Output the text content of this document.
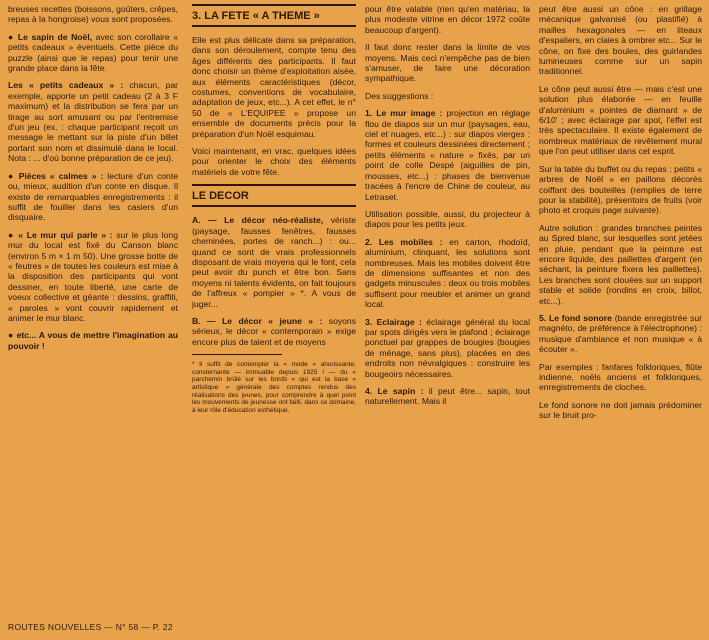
breuses recettes (boissons, goûters, crêpes, repas à la hongroise) vous sont proposées.

● Le sapin de Noël, avec son corollaire « petits cadeaux » éventuels. Cette pièce du puzzle (ainsi que le repas) pour tenir une grande place dans la fête.

Les « petits cadeaux » : chacun, par exemple, apporte un petit cadeau (2 à 3 F maximum) et la distribution se fera par un tirage au sort amusant ou par l'entremise d'un jeu (ex. : chaque participant reçoit un message le mettant sur la piste d'un billet portant son nom et dissimulé dans le local. Nota : ... d'où bonne préparation de ce jeu).

● Pièces « calmes » : lecture d'un conte ou, mieux, audition d'un conte en disque. Il existe de remarquables enregistrements : il suffit de fouiller dans les casiers d'un disquaire.

● « Le mur qui parle » : sur le plus long mur du local est fixé du Canson blanc (environ 5 m × 1 m 50). Une grosse botte de « feutres » de toutes les couleurs est mise à la disposition des participants qui vont dessiner, en toute liberté, une carte de voeux collective et géante : dessins, graffiti, « paroles » vont couvrir rapidement et animer le mur blanc.

● etc... A vous de mettre l'imagination au pouvoir !

3. LA FETE « A THEME »

Elle est plus délicate dans sa préparation, dans son déroulement, compte tenu des âges différents des participants. Il faut donc choisir un thème d'exploitation aisée, aux éléments caractéristiques (décor, costumes, conventions de vocabulaire, adaptation de jeux, etc...). A cet effet, le n° 50 de « L'EQUIPEE » propose un ensemble de documents précis pour la préparation d'un Noël esquimau.

Voici maintenant, en vrac, quelques idées pour orienter le choix des éléments matériels de votre fête.

LE DECOR

A. — Le décor néo-réaliste, vériste (paysage, fausses fenêtres, fausses cheminées, portes de ranch...) : ou... quand ce sont de vrais professionnels disposant de vrais moyens qui le font, cela peut avoir du punch et être bon. Sans moyens ni talents évidents, on fait toujours de l'affreux « pompier » *. A vous de juger...

B. — Le décor « jeune » : soyons sérieux, le décor « contemporain » exige encore plus de talent et de moyens

* Il suffit de contempler la « mode » ahurissante, consternante — immuable depuis 1925 ! — du « parchemin brûlé sur les bords » qui est la base « artistique » générale des comptes rendus des réalisations des jeunes, pour comprendre à quel point les mouvements de jeunesse ont failli, dans ce domaine, à leur rôle d'éducation esthétique.

pour être valable (rien qu'en matériau, la plus modeste vitrine en décor 1972 coûte beaucoup d'argent).

Il faut donc rester dans la limite de vos moyens. Mais ceci n'empêche pas de bien s'amuser, de faire une décoration sympathique.

Des suggestions :

1. Le mur image : projection en réglage flou de diapos sur un mur (paysages, eau, ciel et nuages, etc...) : sur diapos vierges : formes et couleurs dessinées directement ; petits éléments « nature » fixés, par un point de colle Despé (aiguilles de pin, mousses, etc...) : phases de bienvenue tracées à l'encre de Chine de couleur, au Letraset.

Utilisation possible, aussi, du projecteur à diapos pour les petits jeux.

2. Les mobiles : en carton, rhodoïd, aluminium, clinquant, les solutions sont nombreuses. Mais les mobiles doivent être de dimensions suffisantes et non des gadgets minuscules : deux ou trois mobiles suffisent pour meubler et animer un grand local.

3. Eclairage : éclairage général du local par spots dirigés vers le plafond ; éclairage ponctuel par grappes de bougies (bougies de ménage, sans plus), placées en des endroits non névralgiques : construire les bougeoirs nécessaires.

4. Le sapin : il peut être... sapin, tout naturellement. Mais il

peut être aussi un cône : en grillage mécanique galvanisé (ou plastifié) à mailles hexagonales — en liteaux d'espaliers, en claies à ombrer etc... Sur le cône, on fixe des boules, des guirlandes lumineuses comme sur un sapin traditionnel.

Le cône peut aussi être — mais c'est une solution plus élaborée — en feuille d'aluminium « pointes de diamant » de 6/10' ; avec éclairage par spot, l'effet est très spectaculaire. Il existe également de nombreux matériaux de revêtement mural que l'on peut utiliser dans cet esprit.

Sur la table du buffet ou du repas : petits « arbres de Noël » en paillons décorés coiffant des bouteilles (remplies de terre pour la stabilité), présentoirs de fruits (voir photo et croquis page suivante).

Autre solution : grandes branches peintes au Spred blanc, sur lesquelles sont jetées en pluie, pendant que la peinture est encore liquide, des paillettes d'argent (en séchant, la peinture fixera les paillettes). Les branches sont clouées sur un support stable et solide (rondins en croix, billot, etc...).

5. Le fond sonore (bande enregistrée sur magnéto, de préférence à l'électrophone) : musique d'ambiance et non musique « à écouter ».

Par exemples : fanfares folkloriques, flûte indienne, noëls anciens et folkloriques, enregistrements de cloches.

Le fond sonore ne doit jamais prédominer sur le bruit pro-

ROUTES NOUVELLES — N° 58 — P. 22
